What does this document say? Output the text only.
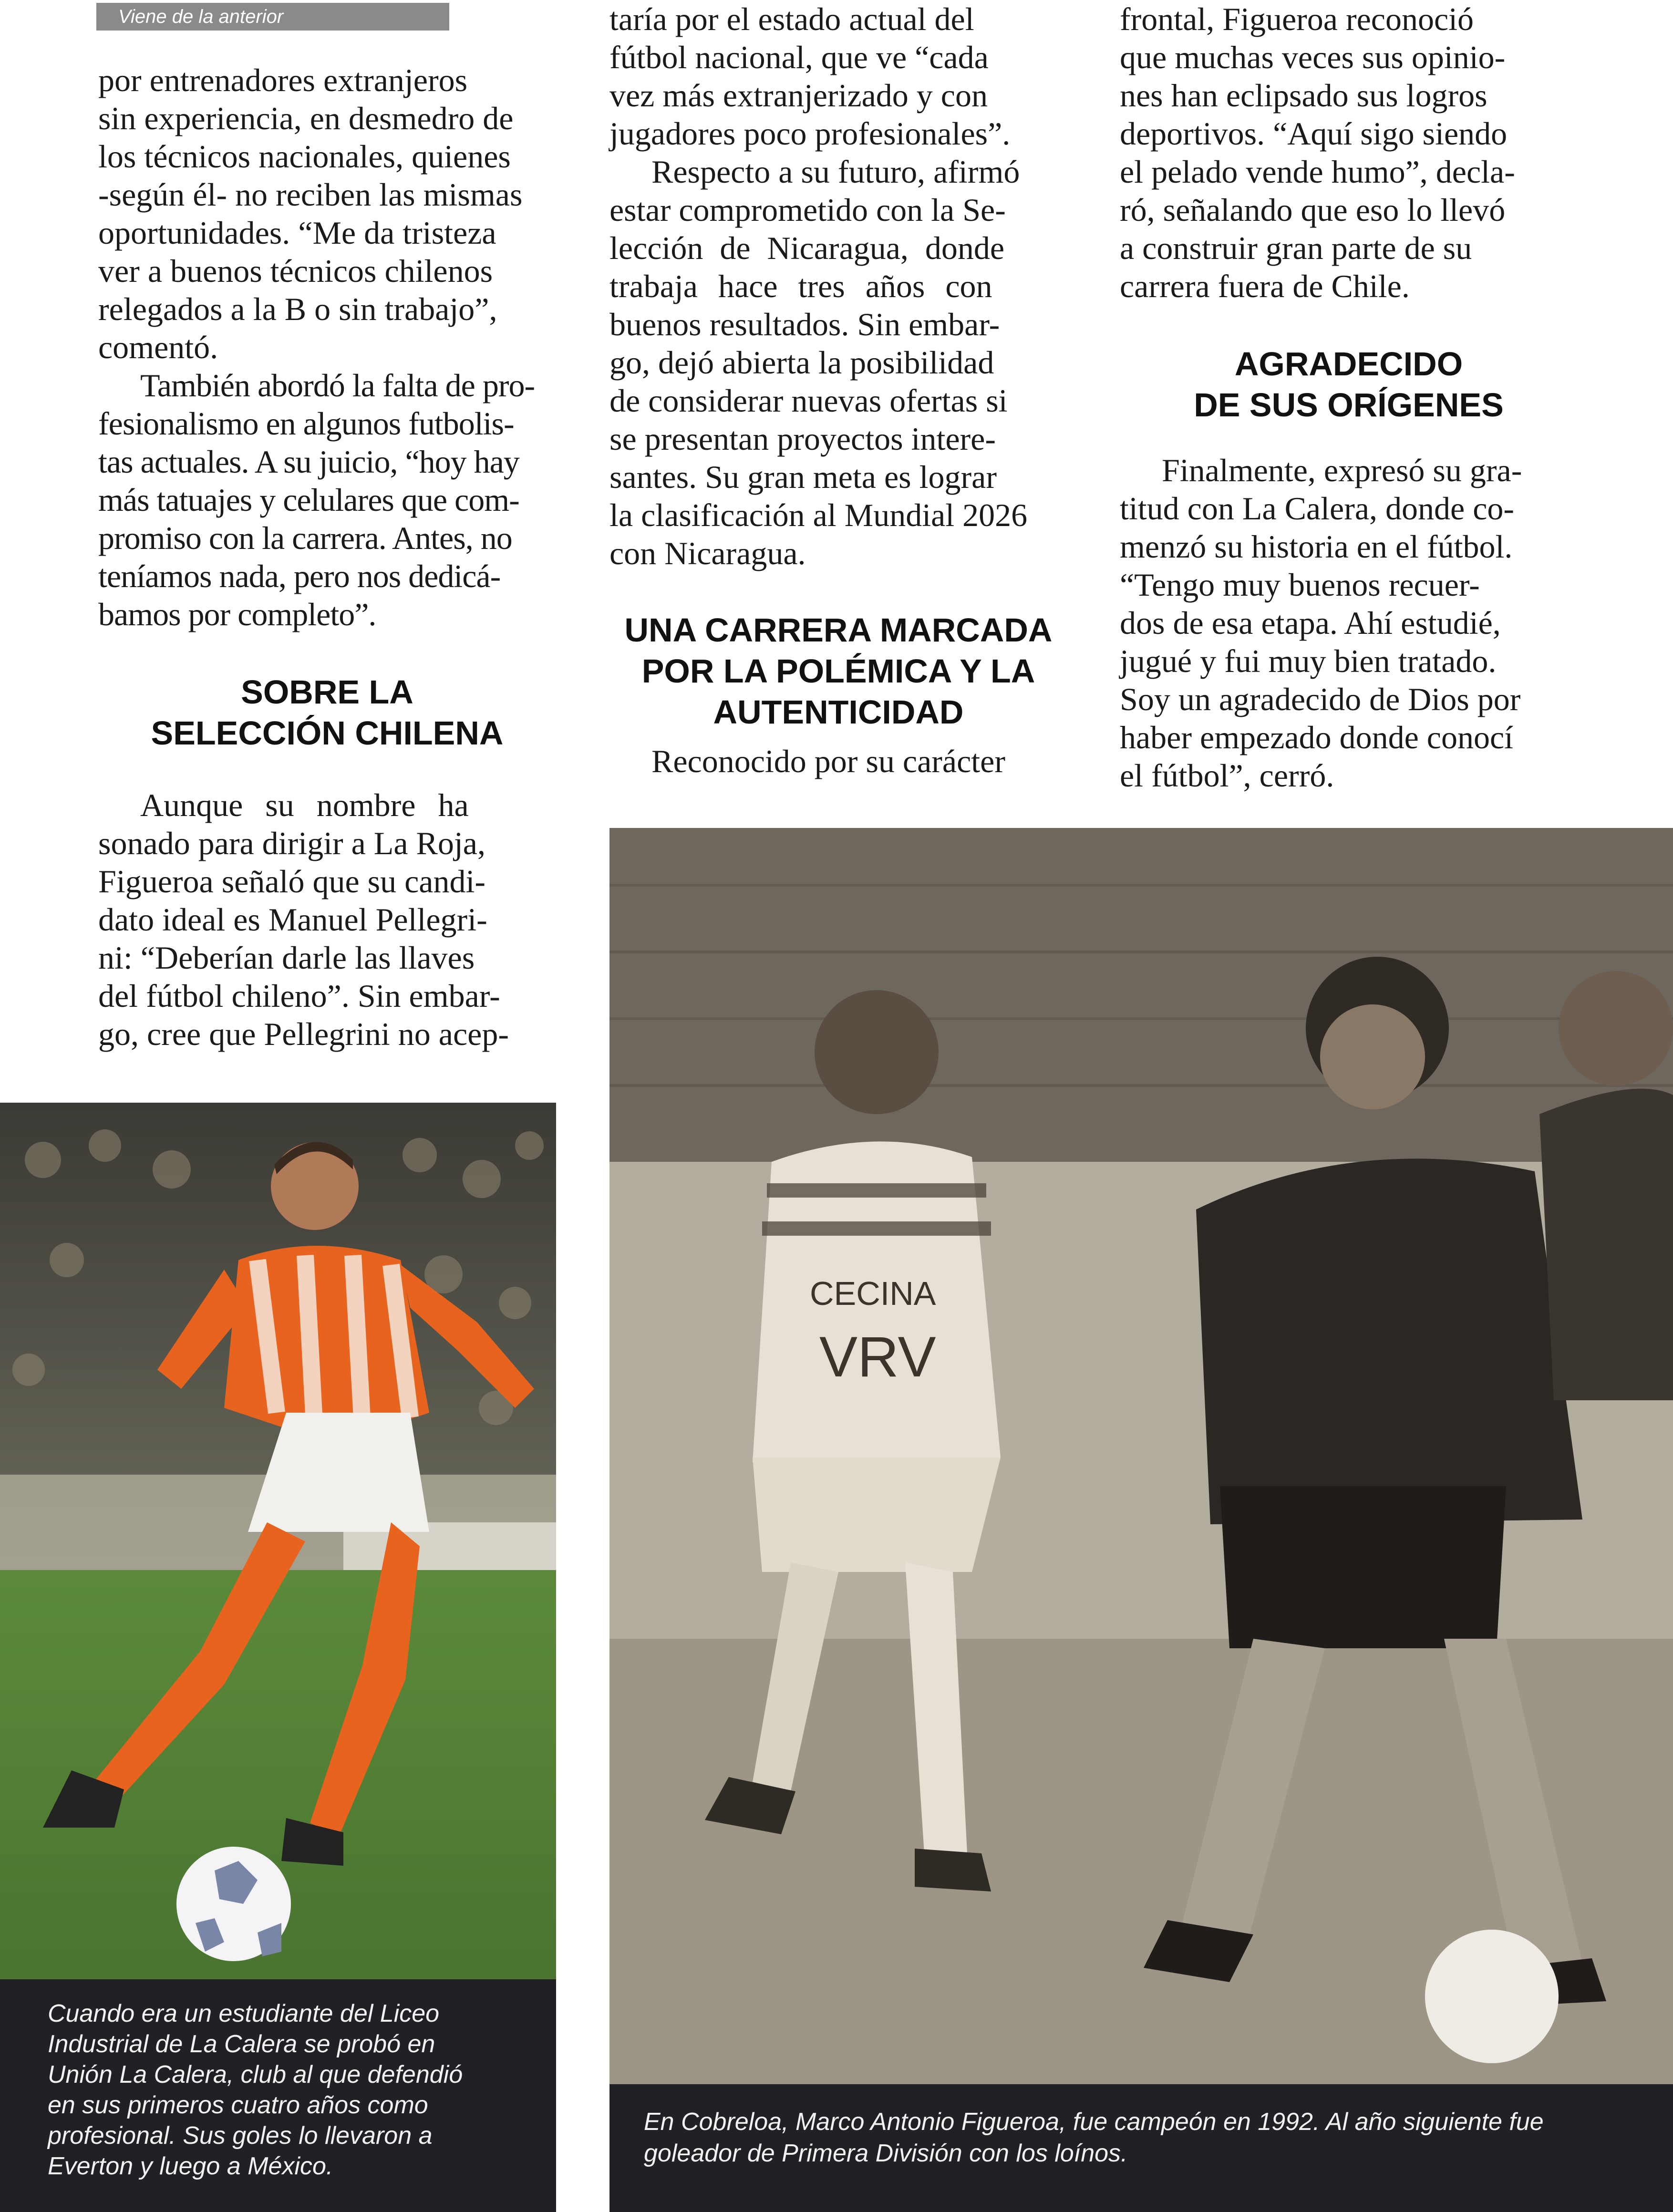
Viene de la anterior

por entrenadores extranjeros

sin experiencia, en desmedro de

los técnicos nacionales, quienes

-según él- no reciben las mismas

oportunidades. “Me da tristeza

ver a buenos técnicos chilenos

relegados a la B o sin trabajo”,

comentó.

También abordó la falta de pro-

fesionalismo en algunos futbolis-

tas actuales. A su juicio, “hoy hay

más tatuajes y celulares que com-

promiso con la carrera. Antes, no

teníamos nada, pero nos dedicá-

bamos por completo”.

SOBRE LA

SELECCIÓN CHILENA

Aunque su nombre ha

sonado para dirigir a La Roja,

Figueroa señaló que su candi-

dato ideal es Manuel Pellegri-

ni: “Deberían darle las llaves

del fútbol chileno”. Sin embar-

go, cree que Pellegrini no acep-

taría por el estado actual del

fútbol nacional, que ve “cada

vez más extranjerizado y con

jugadores poco profesionales”.

Respecto a su futuro, afirmó

estar comprometido con la Se-

lección de Nicaragua, donde

trabaja hace tres años con

buenos resultados. Sin embar-

go, dejó abierta la posibilidad

de considerar nuevas ofertas si

se presentan proyectos intere-

santes. Su gran meta es lograr

la clasificación al Mundial 2026

con Nicaragua.

UNA CARRERA MARCADA

POR LA POLÉMICA Y LA

AUTENTICIDAD

Reconocido por su carácter

frontal, Figueroa reconoció

que muchas veces sus opinio-

nes han eclipsado sus logros

deportivos. “Aquí sigo siendo

el pelado vende humo”, decla-

ró, señalando que eso lo llevó

a construir gran parte de su

carrera fuera de Chile.

AGRADECIDO

DE SUS ORÍGENES

Finalmente, expresó su gra-

titud con La Calera, donde co-

menzó su historia en el fútbol.

“Tengo muy buenos recuer-

dos de esa etapa. Ahí estudié,

jugué y fui muy bien tratado.

Soy un agradecido de Dios por

haber empezado donde conocí

el fútbol”, cerró.

Cuando era un estudiante del Liceo
Industrial de La Calera se probó en
Unión La Calera, club al que defendió
en sus primeros cuatro años como
profesional. Sus goles lo llevaron a
Everton y luego a México.
CECINA
VRV
En Cobreloa, Marco Antonio Figueroa, fue campeón en 1992. Al año siguiente fue
goleador de Primera División con los loínos.
